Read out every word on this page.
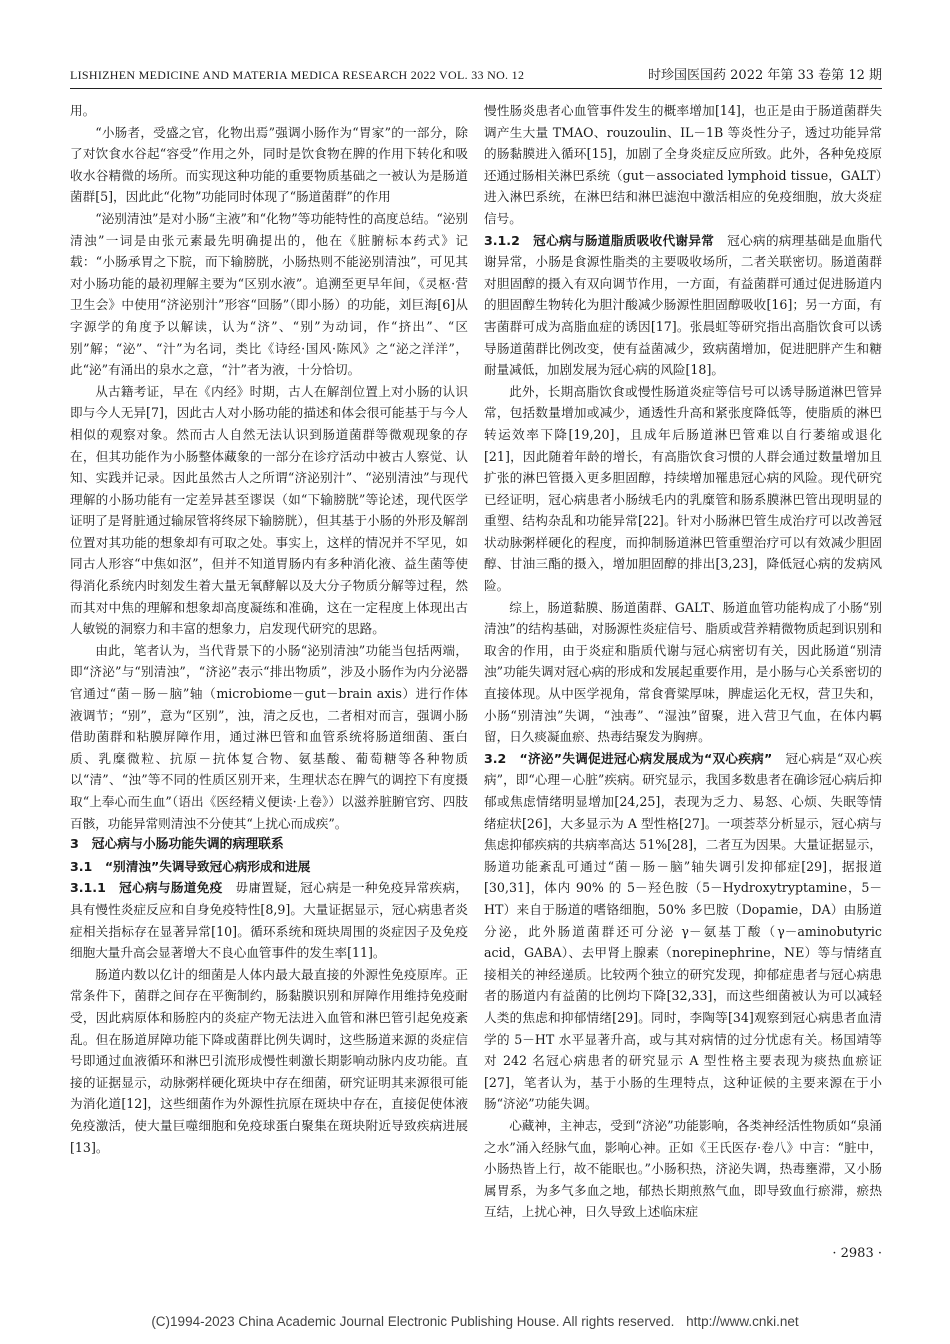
LISHIZHEN MEDICINE AND MATERIA MEDICA RESEARCH 2022 VOL. 33 NO. 12	时珍国医国药 2022 年第 33 卷第 12 期

用。

“小肠者，受盛之官，化物出焉”强调小肠作为“胃家”的一部分，除了对饮食水谷起“容受”作用之外，同时是饮食物在脾的作用下转化和吸收水谷精微的场所。而实现这种功能的重要物质基础之一被认为是肠道菌群[5]，因此此“化物”功能同时体现了“肠道菌群”的作用

“泌别清浊”是对小肠“主液”和“化物”等功能特性的高度总结。“泌别清浊”一词是由张元素最先明确提出的，他在《脏腑标本药式》记载：“小肠承胃之下脘，而下输膀胱，小肠热则不能泌别清浊”，可见其对小肠功能的最初理解主要为“区别水液”。追溯至更早年间，《灵枢·营卫生会》中使用“济泌别汁”形容“回肠”（即小肠）的功能，刘巨海[6]从字源学的角度予以解读，认为“济”、“别”为动词，作“挤出”、“区别”解；“泌”、“汁”为名词，类比《诗经·国风·陈风》之“泌之洋洋”，此“泌”有涌出的泉水之意，“汁”者为液，十分恰切。

从古籍考证，早在《内经》时期，古人在解剖位置上对小肠的认识即与今人无异[7]，因此古人对小肠功能的描述和体会很可能基于与今人相似的观察对象。然而古人自然无法认识到肠道菌群等微观现象的存在，但其功能作为小肠整体藏象的一部分在诊疗活动中被古人察觉、认知、实践并记录。因此虽然古人之所谓“济泌别汁”、“泌别清浊”与现代理解的小肠功能有一定差异甚至谬误（如“下输膀胱”等论述，现代医学证明了是肾脏通过输尿管将终尿下输膀胱），但其基于小肠的外形及解剖位置对其功能的想象却有可取之处。事实上，这样的情况并不罕见，如同古人形容“中焦如沤”，但并不知道胃肠内有多种消化液、益生菌等使得消化系统内时刻发生着大量无氧酵解以及大分子物质分解等过程，然而其对中焦的理解和想象却高度凝练和准确，这在一定程度上体现出古人敏锐的洞察力和丰富的想象力，启发现代研究的思路。

由此，笔者认为，当代背景下的小肠“泌别清浊”功能当包括两端，即“济泌”与“别清浊”，“济泌”表示“排出物质”，涉及小肠作为内分泌器官通过“菌－肠－脑”轴（microbiome－gut－brain axis）进行作体液调节；“别”，意为“区别”，浊，清之反也，二者相对而言，强调小肠借助菌群和粘膜屏障作用，通过淋巴管和血管系统将肠道细菌、蛋白质、乳糜微粒、抗原－抗体复合物、氨基酸、葡萄糖等各种物质以“清”、“浊”等不同的性质区别开来，生理状态在脾气的调控下有度摄取“上奉心而生血”（语出《医经精义便读·上卷》）以滋养脏腑官窍、四肢百骸，功能异常则清浊不分使其“上扰心而成疾”。

3　冠心病与小肠功能失调的病理联系
3.1　“别清浊”失调导致冠心病形成和进展

3.1.1　冠心病与肠道免疫　 毋庸置疑，冠心病是一种免疫异常疾病，具有慢性炎症反应和自身免疫特性[8,9]。大量证据显示，冠心病患者炎症相关指标存在显著异常[10]。循环系统和斑块周围的炎症因子及免疫细胞大量升高会显著增大不良心血管事件的发生率[11]。

肠道内数以亿计的细菌是人体内最大最直接的外源性免疫原库。正常条件下，菌群之间存在平衡制约，肠黏膜识别和屏障作用维持免疫耐受，因此病原体和肠腔内的炎症产物无法进入血管和淋巴管引起免疫紊乱。但在肠道屏障功能下降或菌群比例失调时，这些肠道来源的炎症信号即通过血液循环和淋巴引流形成慢性刺激长期影响动脉内皮功能。直接的证据显示，动脉粥样硬化斑块中存在细菌，研究证明其来源很可能为消化道[12]，这些细菌作为外源性抗原在斑块中存在，直接促使体液免疫激活，使大量巨噬细胞和免疫球蛋白聚集在斑块附近导致疾病进展[13]。

慢性肠炎患者心血管事件发生的概率增加[14]，也正是由于肠道菌群失调产生大量 TMAO、rouzoulin、IL－1B 等炎性分子，透过功能异常的肠黏膜进入循环[15]，加剧了全身炎症反应所致。此外，各种免疫原还通过肠相关淋巴系统（gut－associated lymphoid tissue，GALT）进入淋巴系统，在淋巴结和淋巴滤泡中激活相应的免疫细胞，放大炎症信号。

3.1.2　冠心病与肠道脂质吸收代谢异常　 冠心病的病理基础是血脂代谢异常，小肠是食源性脂类的主要吸收场所，二者关联密切。肠道菌群对胆固醇的摄入有双向调节作用，一方面，有益菌群可通过促进肠道内的胆固醇生物转化为胆汁酸减少肠源性胆固醇吸收[16]；另一方面，有害菌群可成为高脂血症的诱因[17]。张晨虹等研究指出高脂饮食可以诱导肠道菌群比例改变，使有益菌减少，致病菌增加，促进肥胖产生和糖耐量减低，加剧发展为冠心病的风险[18]。

此外，长期高脂饮食或慢性肠道炎症等信号可以诱导肠道淋巴管异常，包括数量增加或减少，通透性升高和紧张度降低等，使脂质的淋巴转运效率下降[19,20]，且成年后肠道淋巴管难以自行萎缩或退化[21]，因此随着年龄的增长，有高脂饮食习惯的人群会通过数量增加且扩张的淋巴管摄入更多胆固醇，持续增加罹患冠心病的风险。现代研究已经证明，冠心病患者小肠绒毛内的乳糜管和肠系膜淋巴管出现明显的重塑、结构杂乱和功能异常[22]。针对小肠淋巴管生成治疗可以改善冠状动脉粥样硬化的程度，而抑制肠道淋巴管重塑治疗可以有效减少胆固醇、甘油三酯的摄入，增加胆固醇的排出[3,23]，降低冠心病的发病风险。

综上，肠道黏膜、肠道菌群、GALT、肠道血管功能构成了小肠“别清浊”的结构基础，对肠源性炎症信号、脂质或营养精微物质起到识别和取舍的作用，由于炎症和脂质代谢与冠心病密切有关，因此肠道“别清浊”功能失调对冠心病的形成和发展起重要作用，是小肠与心关系密切的直接体现。从中医学视角，常食膏粱厚味，脾虚运化无权，营卫失和，小肠“别清浊”失调，“浊毒”、“湿浊”留聚，进入营卫气血，在体内羁留，日久痰凝血瘀、热毒结聚发为胸痹。

3.2　“济泌”失调促进冠心病发展成为“双心疾病”　 冠心病是“双心疾病”，即“心理－心脏”疾病。研究显示，我国多数患者在确诊冠心病后抑郁或焦虑情绪明显增加[24,25]，表现为乏力、易怒、心烦、失眠等情绪症状[26]，大多显示为 A 型性格[27]。一项荟萃分析显示，冠心病与焦虑抑郁疾病的共病率高达 51%[28]，二者互为因果。大量证据显示，肠道功能紊乱可通过“菌－肠－脑”轴失调引发抑郁症[29]，据报道[30,31]，体内 90% 的 5－羟色胺（5－Hydroxytryptamine，5－HT）来自于肠道的嗜铬细胞，50% 多巴胺（Dopamie，DA）由肠道分泌，此外肠道菌群还可分泌 γ－氨基丁酸（γ－aminobutyric acid，GABA）、去甲肾上腺素（norepinephrine，NE）等与情绪直接相关的神经递质。比较两个独立的研究发现，抑郁症患者与冠心病患者的肠道内有益菌的比例均下降[32,33]，而这些细菌被认为可以减轻人类的焦虑和抑郁情绪[29]。同时，李陶等[34]观察到冠心病患者血清学的 5－HT 水平显著升高，或与其对病情的过分忧虑有关。杨国靖等对 242 名冠心病患者的研究显示 A 型性格主要表现为痰热血瘀证[27]，笔者认为，基于小肠的生理特点，这种证候的主要来源在于小肠“济泌”功能失调。

心藏神，主神志，受到“济泌”功能影响，各类神经活性物质如“泉涌之水”涌入经脉气血，影响心神。正如《王氏医存·卷八》中言：“脏中，小肠热皆上行，故不能眠也。”小肠积热，济泌失调，热毒壅滞，又小肠属胃系，为多气多血之地，郁热长期煎熬气血，即导致血行瘀滞，瘀热互结，上扰心神，日久导致上述临床症

· 2983 ·
(C)1994-2023 China Academic Journal Electronic Publishing House. All rights reserved. http://www.cnki.net
